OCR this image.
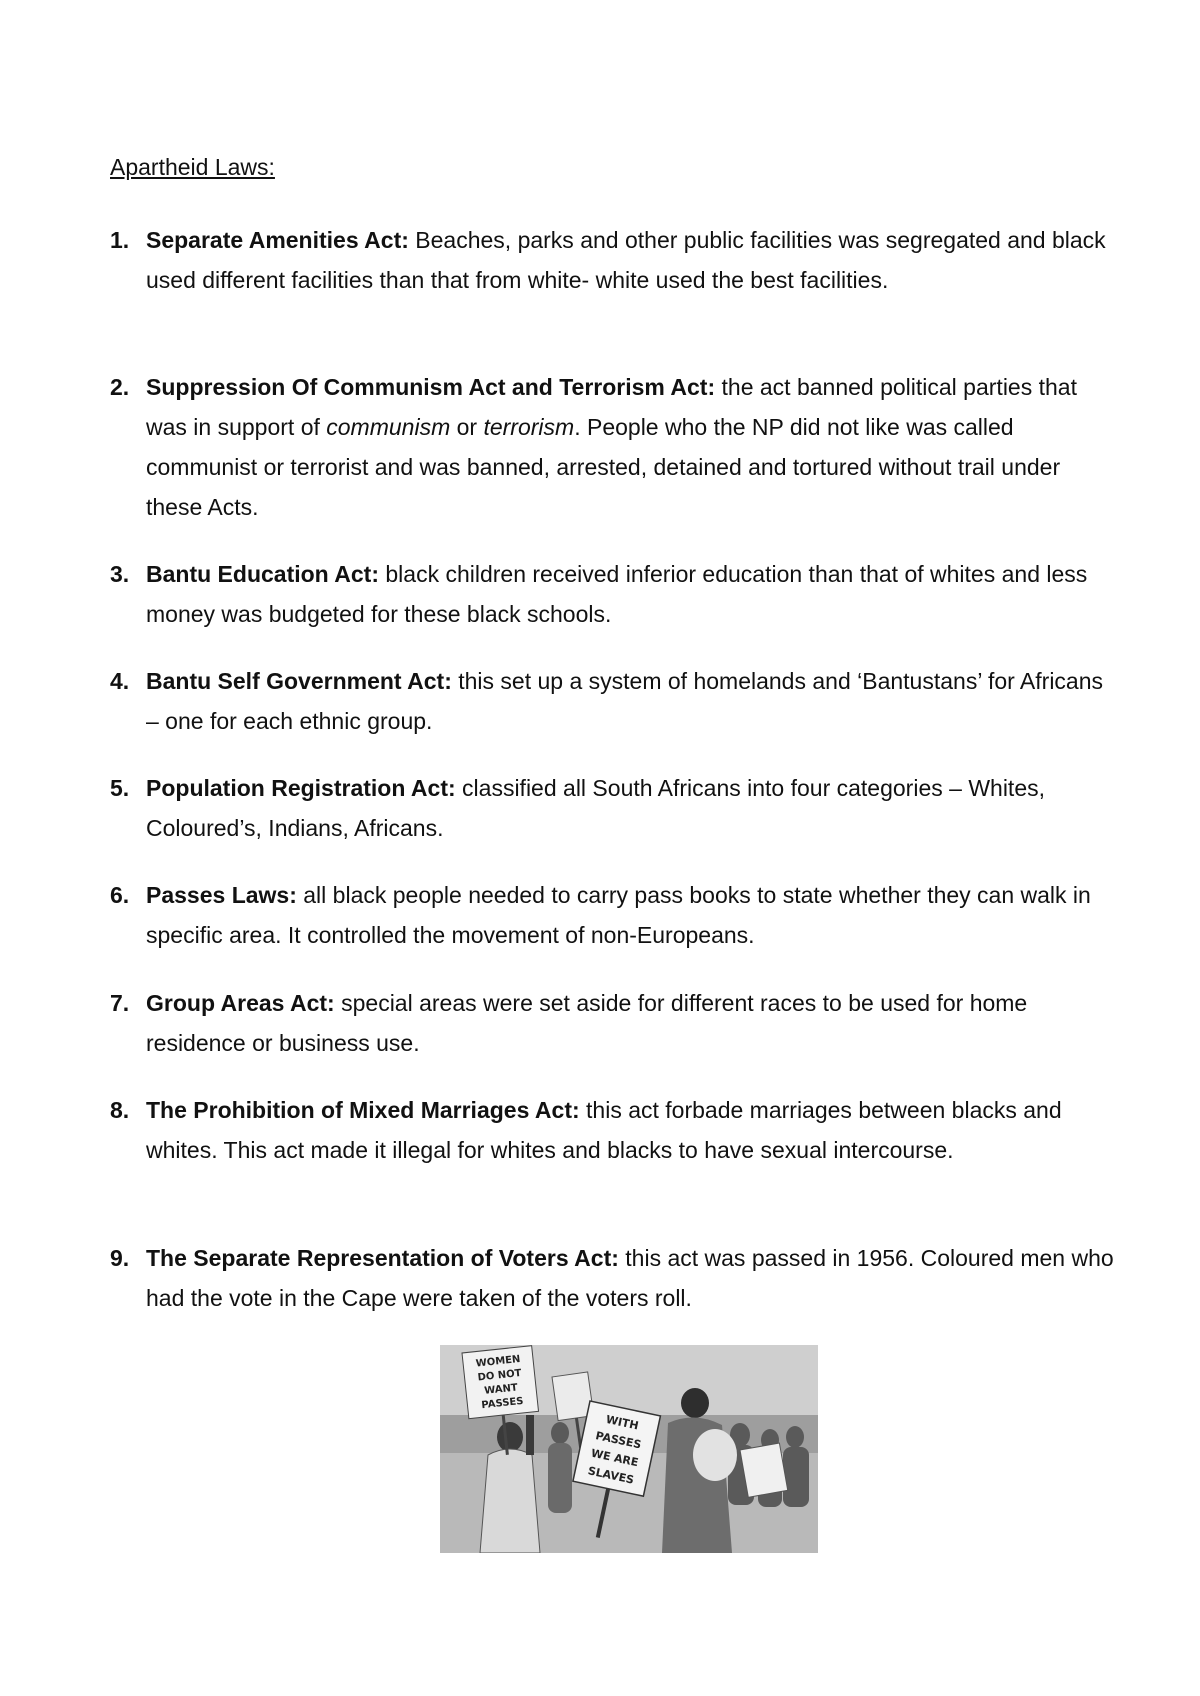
Apartheid Laws:
1. Separate Amenities Act: Beaches, parks and other public facilities was segregated and black used different facilities than that from white- white used the best facilities.
2. Suppression Of Communism Act and Terrorism Act: the act banned political parties that was in support of communism or terrorism. People who the NP did not like was called communist or terrorist and was banned, arrested, detained and tortured without trail under these Acts.
3. Bantu Education Act: black children received inferior education than that of whites and less money was budgeted for these black schools.
4. Bantu Self Government Act: this set up a system of homelands and ‘Bantustans’ for Africans – one for each ethnic group.
5. Population Registration Act: classified all South Africans into four categories – Whites, Coloured’s, Indians, Africans.
6. Passes Laws: all black people needed to carry pass books to state whether they can walk in specific area. It controlled the movement of non-Europeans.
7. Group Areas Act: special areas were set aside for different races to be used for home residence or business use.
8. The Prohibition of Mixed Marriages Act: this act forbade marriages between blacks and whites. This act made it illegal for whites and blacks to have sexual intercourse.
9. The Separate Representation of Voters Act: this act was passed in 1956. Coloured men who had the vote in the Cape were taken of the voters roll.
WOMEN
DO NOT
WANT
PASSES
WITH
PASSES
WE ARE
SLAVES
